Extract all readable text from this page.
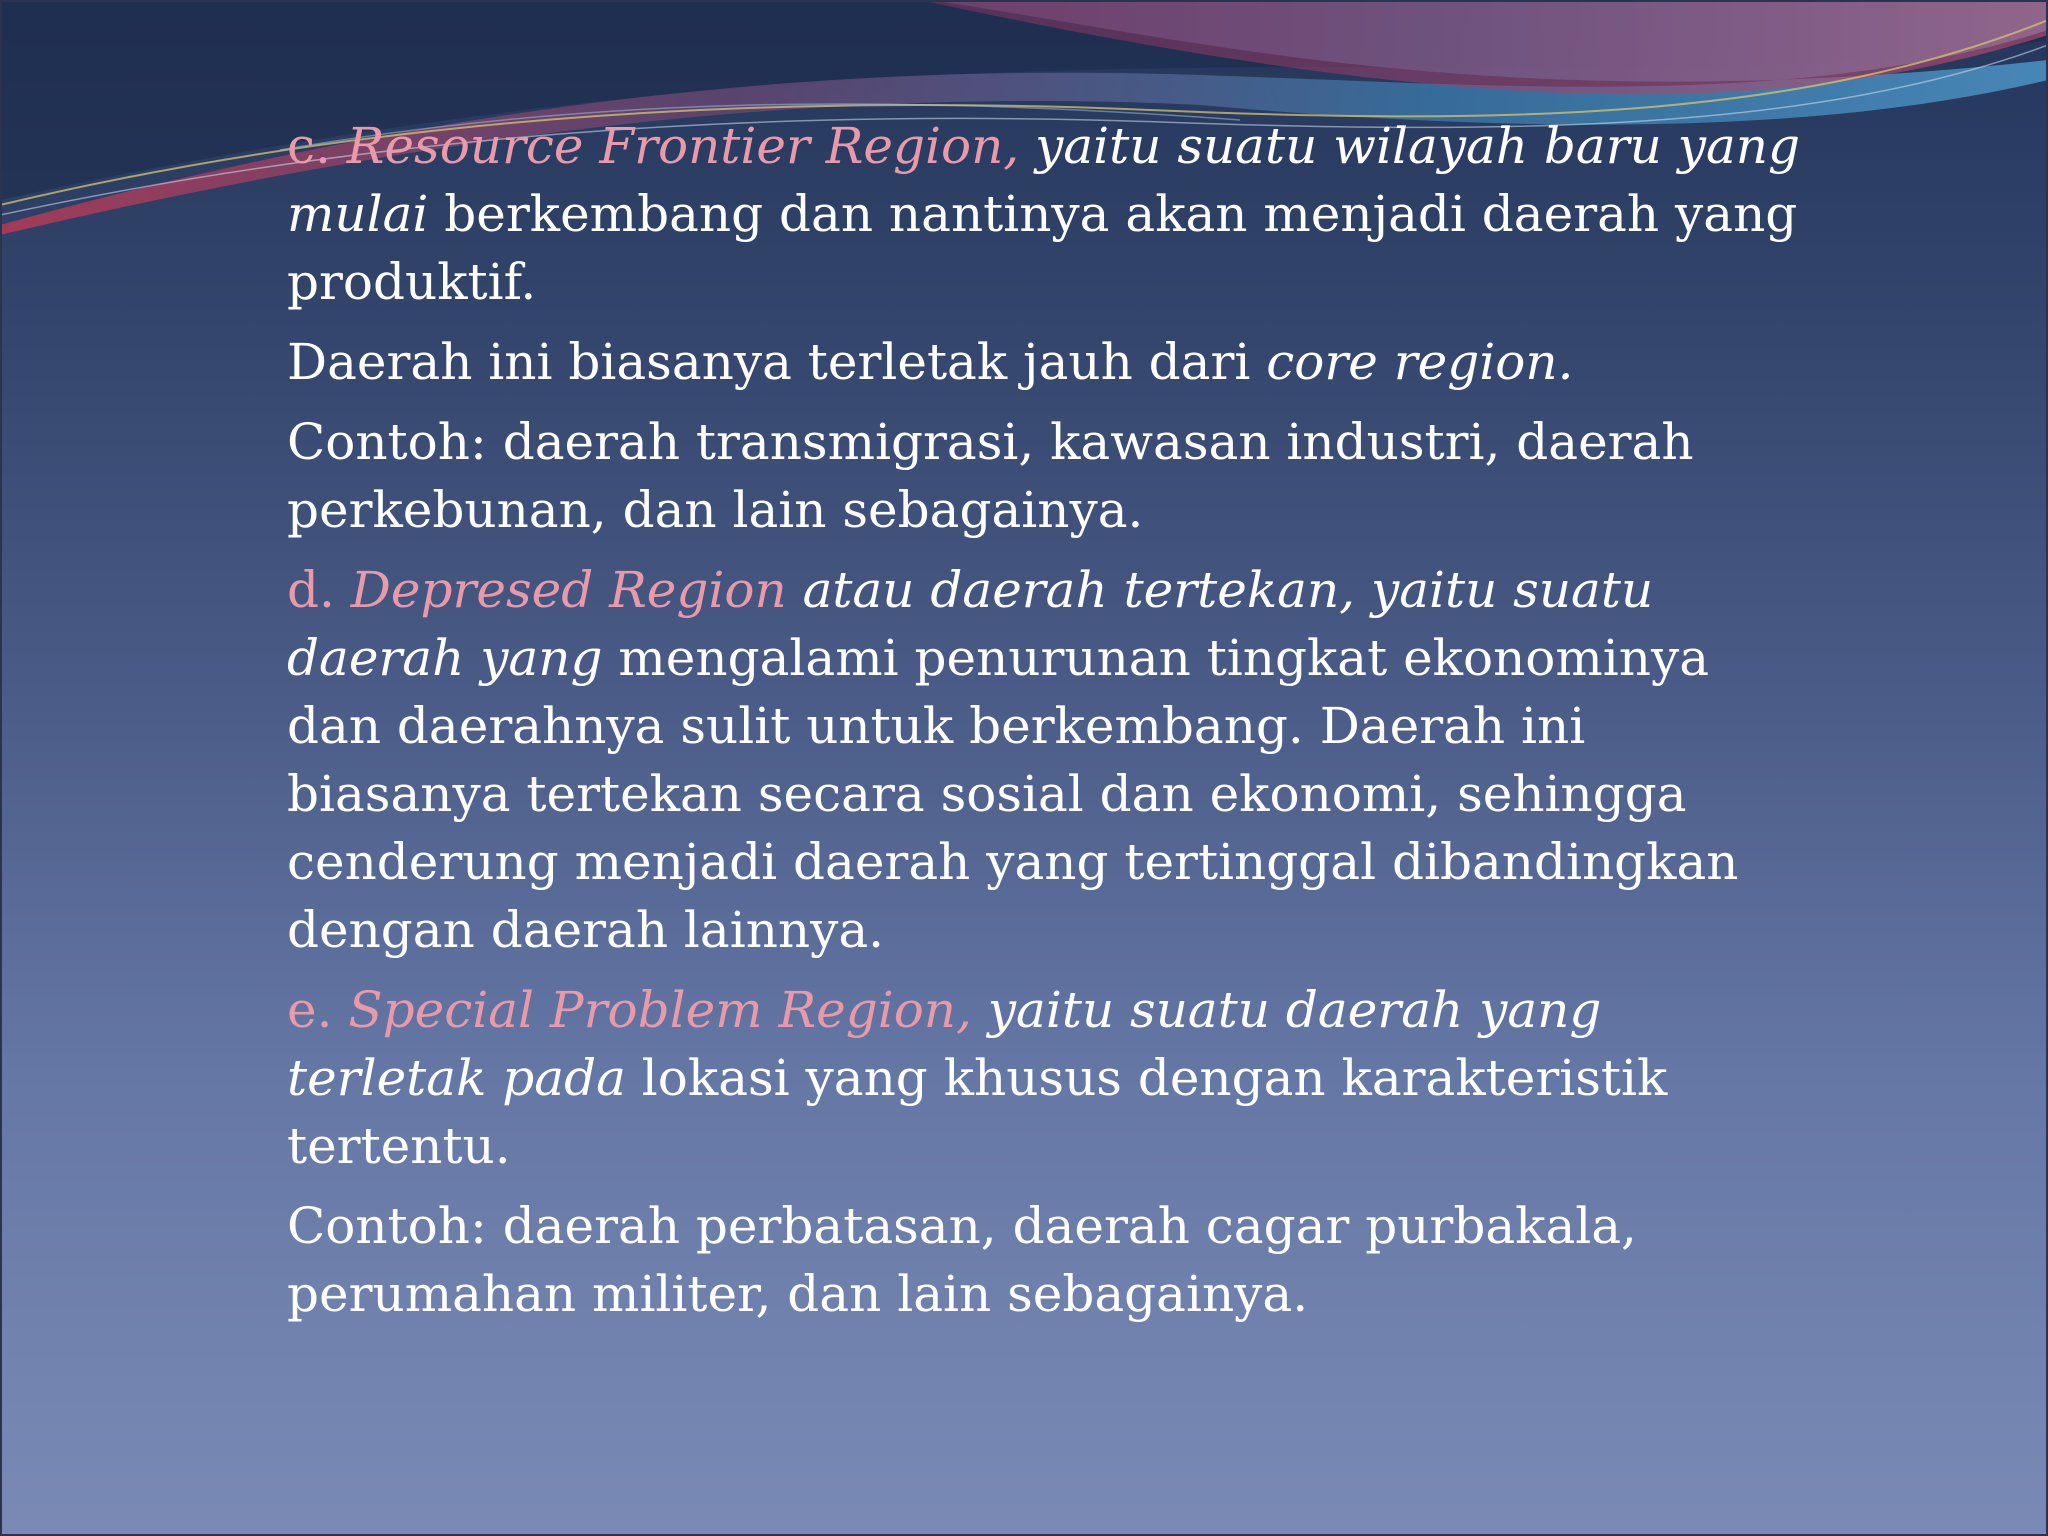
c. Resource Frontier Region, yaitu suatu wilayah baru yang mulai berkembang dan nantinya akan menjadi daerah yang produktif.

Daerah ini biasanya terletak jauh dari core region.

Contoh: daerah transmigrasi, kawasan industri, daerah perkebunan, dan lain sebagainya.

d. Depresed Region atau daerah tertekan, yaitu suatu daerah yang mengalami penurunan tingkat ekonominya dan daerahnya sulit untuk berkembang. Daerah ini biasanya tertekan secara sosial dan ekonomi, sehingga cenderung menjadi daerah yang tertinggal dibandingkan dengan daerah lainnya.

e. Special Problem Region, yaitu suatu daerah yang terletak pada lokasi yang khusus dengan karakteristik tertentu.

Contoh: daerah perbatasan, daerah cagar purbakala, perumahan militer, dan lain sebagainya.
